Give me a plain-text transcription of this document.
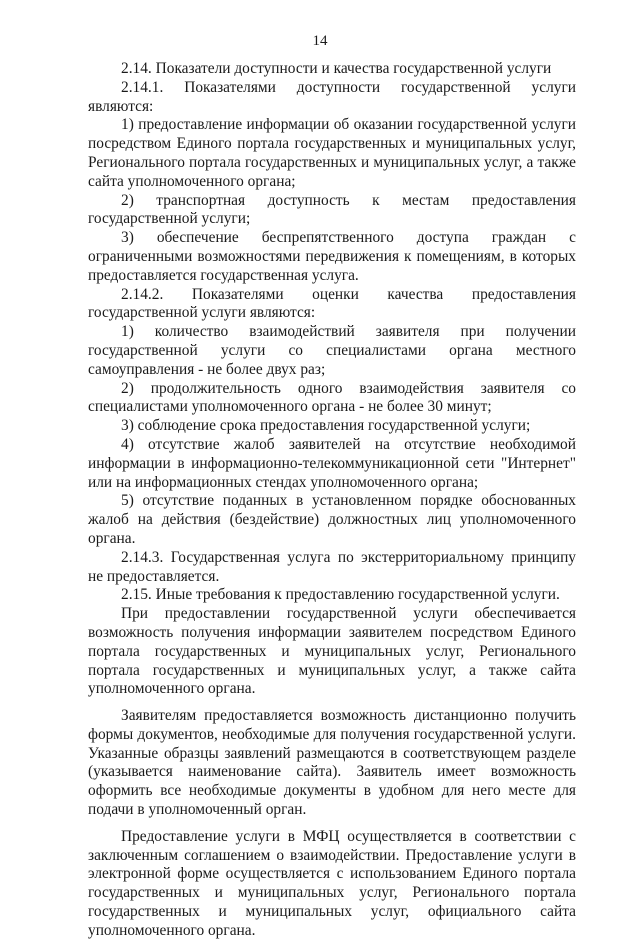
14

2.14. Показатели доступности и качества государственной услуги

2.14.1. Показателями доступности государственной услуги являются:

1) предоставление информации об оказании государственной услуги посредством Единого портала государственных и муниципальных услуг, Регионального портала государственных и муниципальных услуг, а также сайта уполномоченного органа;

2) транспортная доступность к местам предоставления государственной услуги;

3) обеспечение беспрепятственного доступа граждан с ограниченными возможностями передвижения к помещениям, в которых предоставляется государственная услуга.

2.14.2. Показателями оценки качества предоставления государственной услуги являются:

1) количество взаимодействий заявителя при получении государственной услуги со специалистами органа местного самоуправления - не более двух раз;

2) продолжительность одного взаимодействия заявителя со специалистами уполномоченного органа - не более 30 минут;

3) соблюдение срока предоставления государственной услуги;

4) отсутствие жалоб заявителей на отсутствие необходимой информации в информационно-телекоммуникационной сети "Интернет" или на информационных стендах уполномоченного органа;

5) отсутствие поданных в установленном порядке обоснованных жалоб на действия (бездействие) должностных лиц уполномоченного органа.

2.14.3. Государственная услуга по экстерриториальному принципу не предоставляется.

2.15. Иные требования к предоставлению государственной услуги.

При предоставлении государственной услуги обеспечивается возможность получения информации заявителем посредством Единого портала государственных и муниципальных услуг, Регионального портала государственных и муниципальных услуг, а также сайта уполномоченного органа.

Заявителям предоставляется возможность дистанционно получить формы документов, необходимые для получения государственной услуги. Указанные образцы заявлений размещаются в соответствующем разделе (указывается наименование сайта). Заявитель имеет возможность оформить все необходимые документы в удобном для него месте для подачи в уполномоченный орган.

Предоставление услуги в МФЦ осуществляется в соответствии с заключенным соглашением о взаимодействии. Предоставление услуги в электронной форме осуществляется с использованием Единого портала государственных и муниципальных услуг, Регионального портала государственных и муниципальных услуг, официального сайта уполномоченного органа.
